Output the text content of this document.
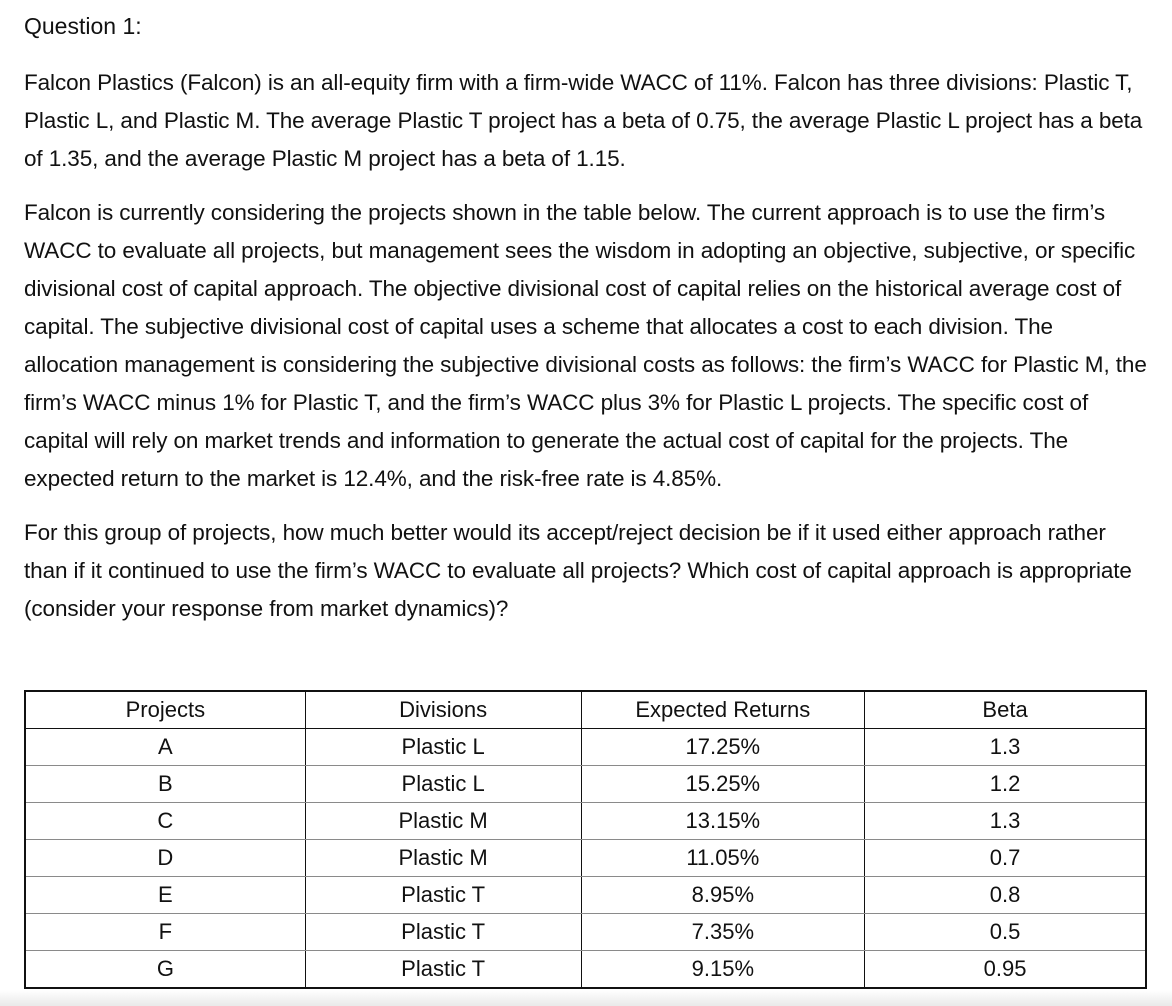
Question 1:

Falcon Plastics (Falcon) is an all-equity firm with a firm-wide WACC of 11%. Falcon has three divisions: Plastic T, Plastic L, and Plastic M. The average Plastic T project has a beta of 0.75, the average Plastic L project has a beta of 1.35, and the average Plastic M project has a beta of 1.15.

Falcon is currently considering the projects shown in the table below. The current approach is to use the firm’s WACC to evaluate all projects, but management sees the wisdom in adopting an objective, subjective, or specific divisional cost of capital approach. The objective divisional cost of capital relies on the historical average cost of capital. The subjective divisional cost of capital uses a scheme that allocates a cost to each division. The allocation management is considering the subjective divisional costs as follows: the firm’s WACC for Plastic M, the firm’s WACC minus 1% for Plastic T, and the firm’s WACC plus 3% for Plastic L projects. The specific cost of capital will rely on market trends and information to generate the actual cost of capital for the projects. The expected return to the market is 12.4%, and the risk-free rate is 4.85%.

For this group of projects, how much better would its accept/reject decision be if it used either approach rather than if it continued to use the firm’s WACC to evaluate all projects? Which cost of capital approach is appropriate (consider your response from market dynamics)?

Projects	Divisions	Expected Returns	Beta
A	Plastic L	17.25%	1.3
B	Plastic L	15.25%	1.2
C	Plastic M	13.15%	1.3
D	Plastic M	11.05%	0.7
E	Plastic T	8.95%	0.8
F	Plastic T	7.35%	0.5
G	Plastic T	9.15%	0.95
